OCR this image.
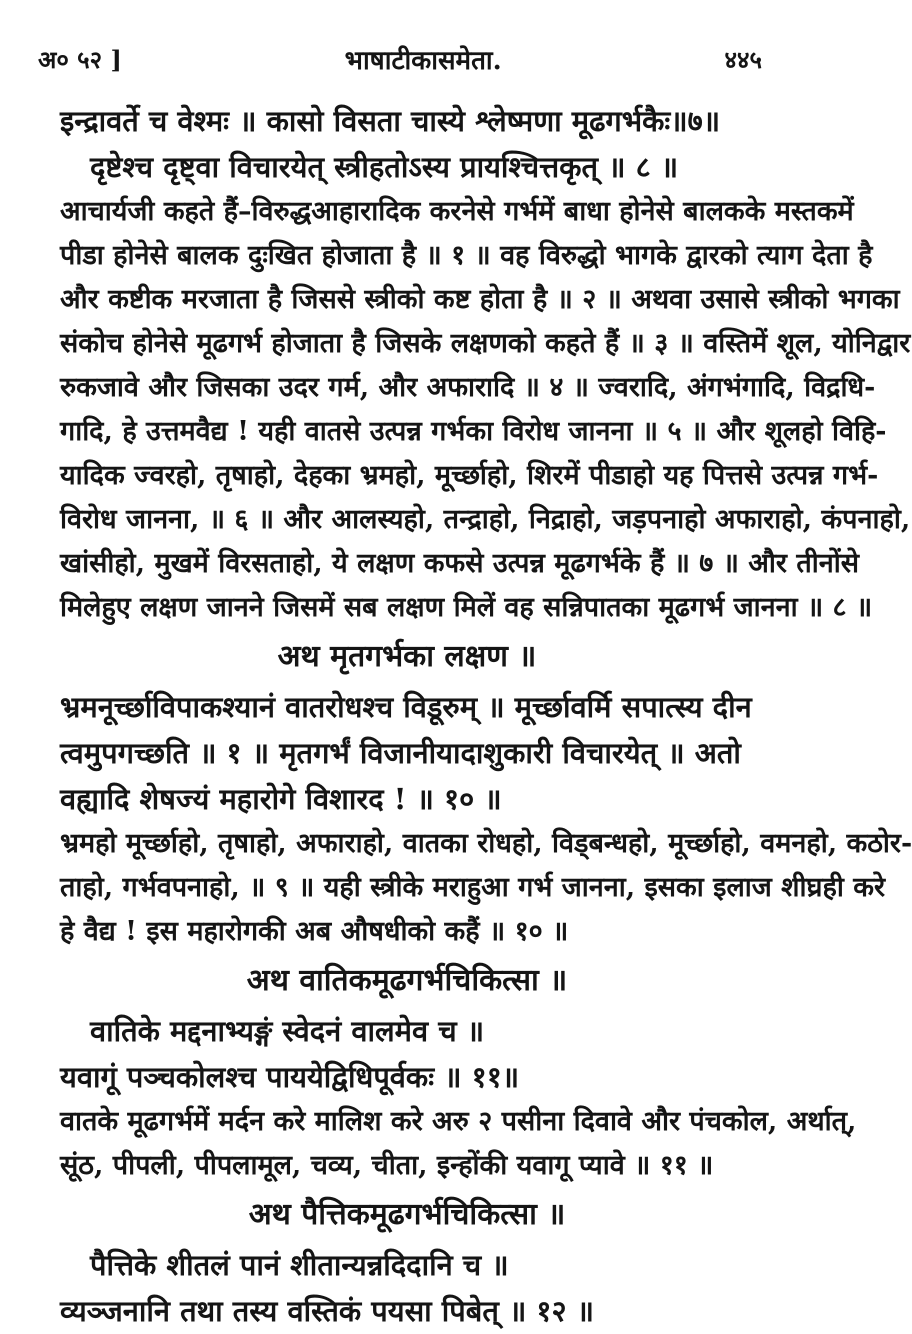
अ० ५२ ]	भाषाटीकासमेता.	४४५
इन्द्रावर्ते च वेश्मः ॥ कासो विसता चास्ये श्लेष्मणा मूढगर्भकैः॥७॥
दृष्टेश्च दृष्ट्वा विचारयेत् स्त्रीहतोऽस्य प्रायश्चित्तकृत् ॥ ८ ॥
आचार्यजी कहते हैं–विरुद्धआहारादिक करनेसे गर्भमें बाधा होनेसे बालकके मस्तकमें
पीडा होनेसे बालक दुःखित होजाता है ॥ १ ॥ वह विरुद्धो भागके द्वारको त्याग देता है
और कष्टीक मरजाता है जिससे स्त्रीको कष्ट होता है ॥ २ ॥ अथवा उसासे स्त्रीको भगका
संकोच होनेसे मूढगर्भ होजाता है जिसके लक्षणको कहते हैं ॥ ३ ॥ वस्तिमें शूल, योनिद्वार
रुकजावे और जिसका उदर गर्म, और अफारादि ॥ ४ ॥ ज्वरादि, अंगभंगादि, विद्रधि-
गादि, हे उत्तमवैद्य ! यही वातसे उत्पन्न गर्भका विरोध जानना ॥ ५ ॥ और शूलहो विहि-
यादिक ज्वरहो, तृषाहो, देहका भ्रमहो, मूर्च्छाहो, शिरमें पीडाहो यह पित्तसे उत्पन्न गर्भ-
विरोध जानना, ॥ ६ ॥ और आलस्यहो, तन्द्राहो, निद्राहो, जड़पनाहो अफाराहो, कंपनाहो,
खांसीहो, मुखमें विरसताहो, ये लक्षण कफसे उत्पन्न मूढगर्भके हैं ॥ ७ ॥ और तीनोंसे
मिलेहुए लक्षण जानने जिसमें सब लक्षण मिलें वह सन्निपातका मूढगर्भ जानना ॥ ८ ॥
अथ मृतगर्भका लक्षण ॥
भ्रमनूर्च्छाविपाकश्यानं वातरोधश्च विडूरुम् ॥ मूर्च्छावर्मि सपात्स्य दीन
त्वमुपगच्छति ॥ १ ॥ मृतगर्भं विजानीयादाशुकारी विचारयेत् ॥ अतो
वह्यादि शेषज्यं महारोगे विशारद ! ॥ १० ॥
भ्रमहो मूर्च्छाहो, तृषाहो, अफाराहो, वातका रोधहो, विड्बन्धहो, मूर्च्छाहो, वमनहो, कठोर-
ताहो, गर्भवपनाहो, ॥ ९ ॥ यही स्त्रीके मराहुआ गर्भ जानना, इसका इलाज शीघ्रही करे
हे वैद्य ! इस महारोगकी अब औषधीको कहैं ॥ १० ॥
अथ वातिकमूढगर्भचिकित्सा ॥
वातिके मद्दनाभ्यङ्गं स्वेदनं वालमेव च ॥
यवागूं पञ्चकोलश्च पाययेद्विधिपूर्वकः ॥ ११॥
वातके मूढगर्भमें मर्दन करे मालिश करे अरु २ पसीना दिवावे और पंचकोल, अर्थात्,
सूंठ, पीपली, पीपलामूल, चव्य, चीता, इन्होंकी यवागू प्यावे ॥ ११ ॥
अथ पैत्तिकमूढगर्भचिकित्सा ॥
पैत्तिके शीतलं पानं शीतान्यन्नदिदानि च ॥
व्यञ्जनानि तथा तस्य वस्तिकं पयसा पिबेत् ॥ १२ ॥
